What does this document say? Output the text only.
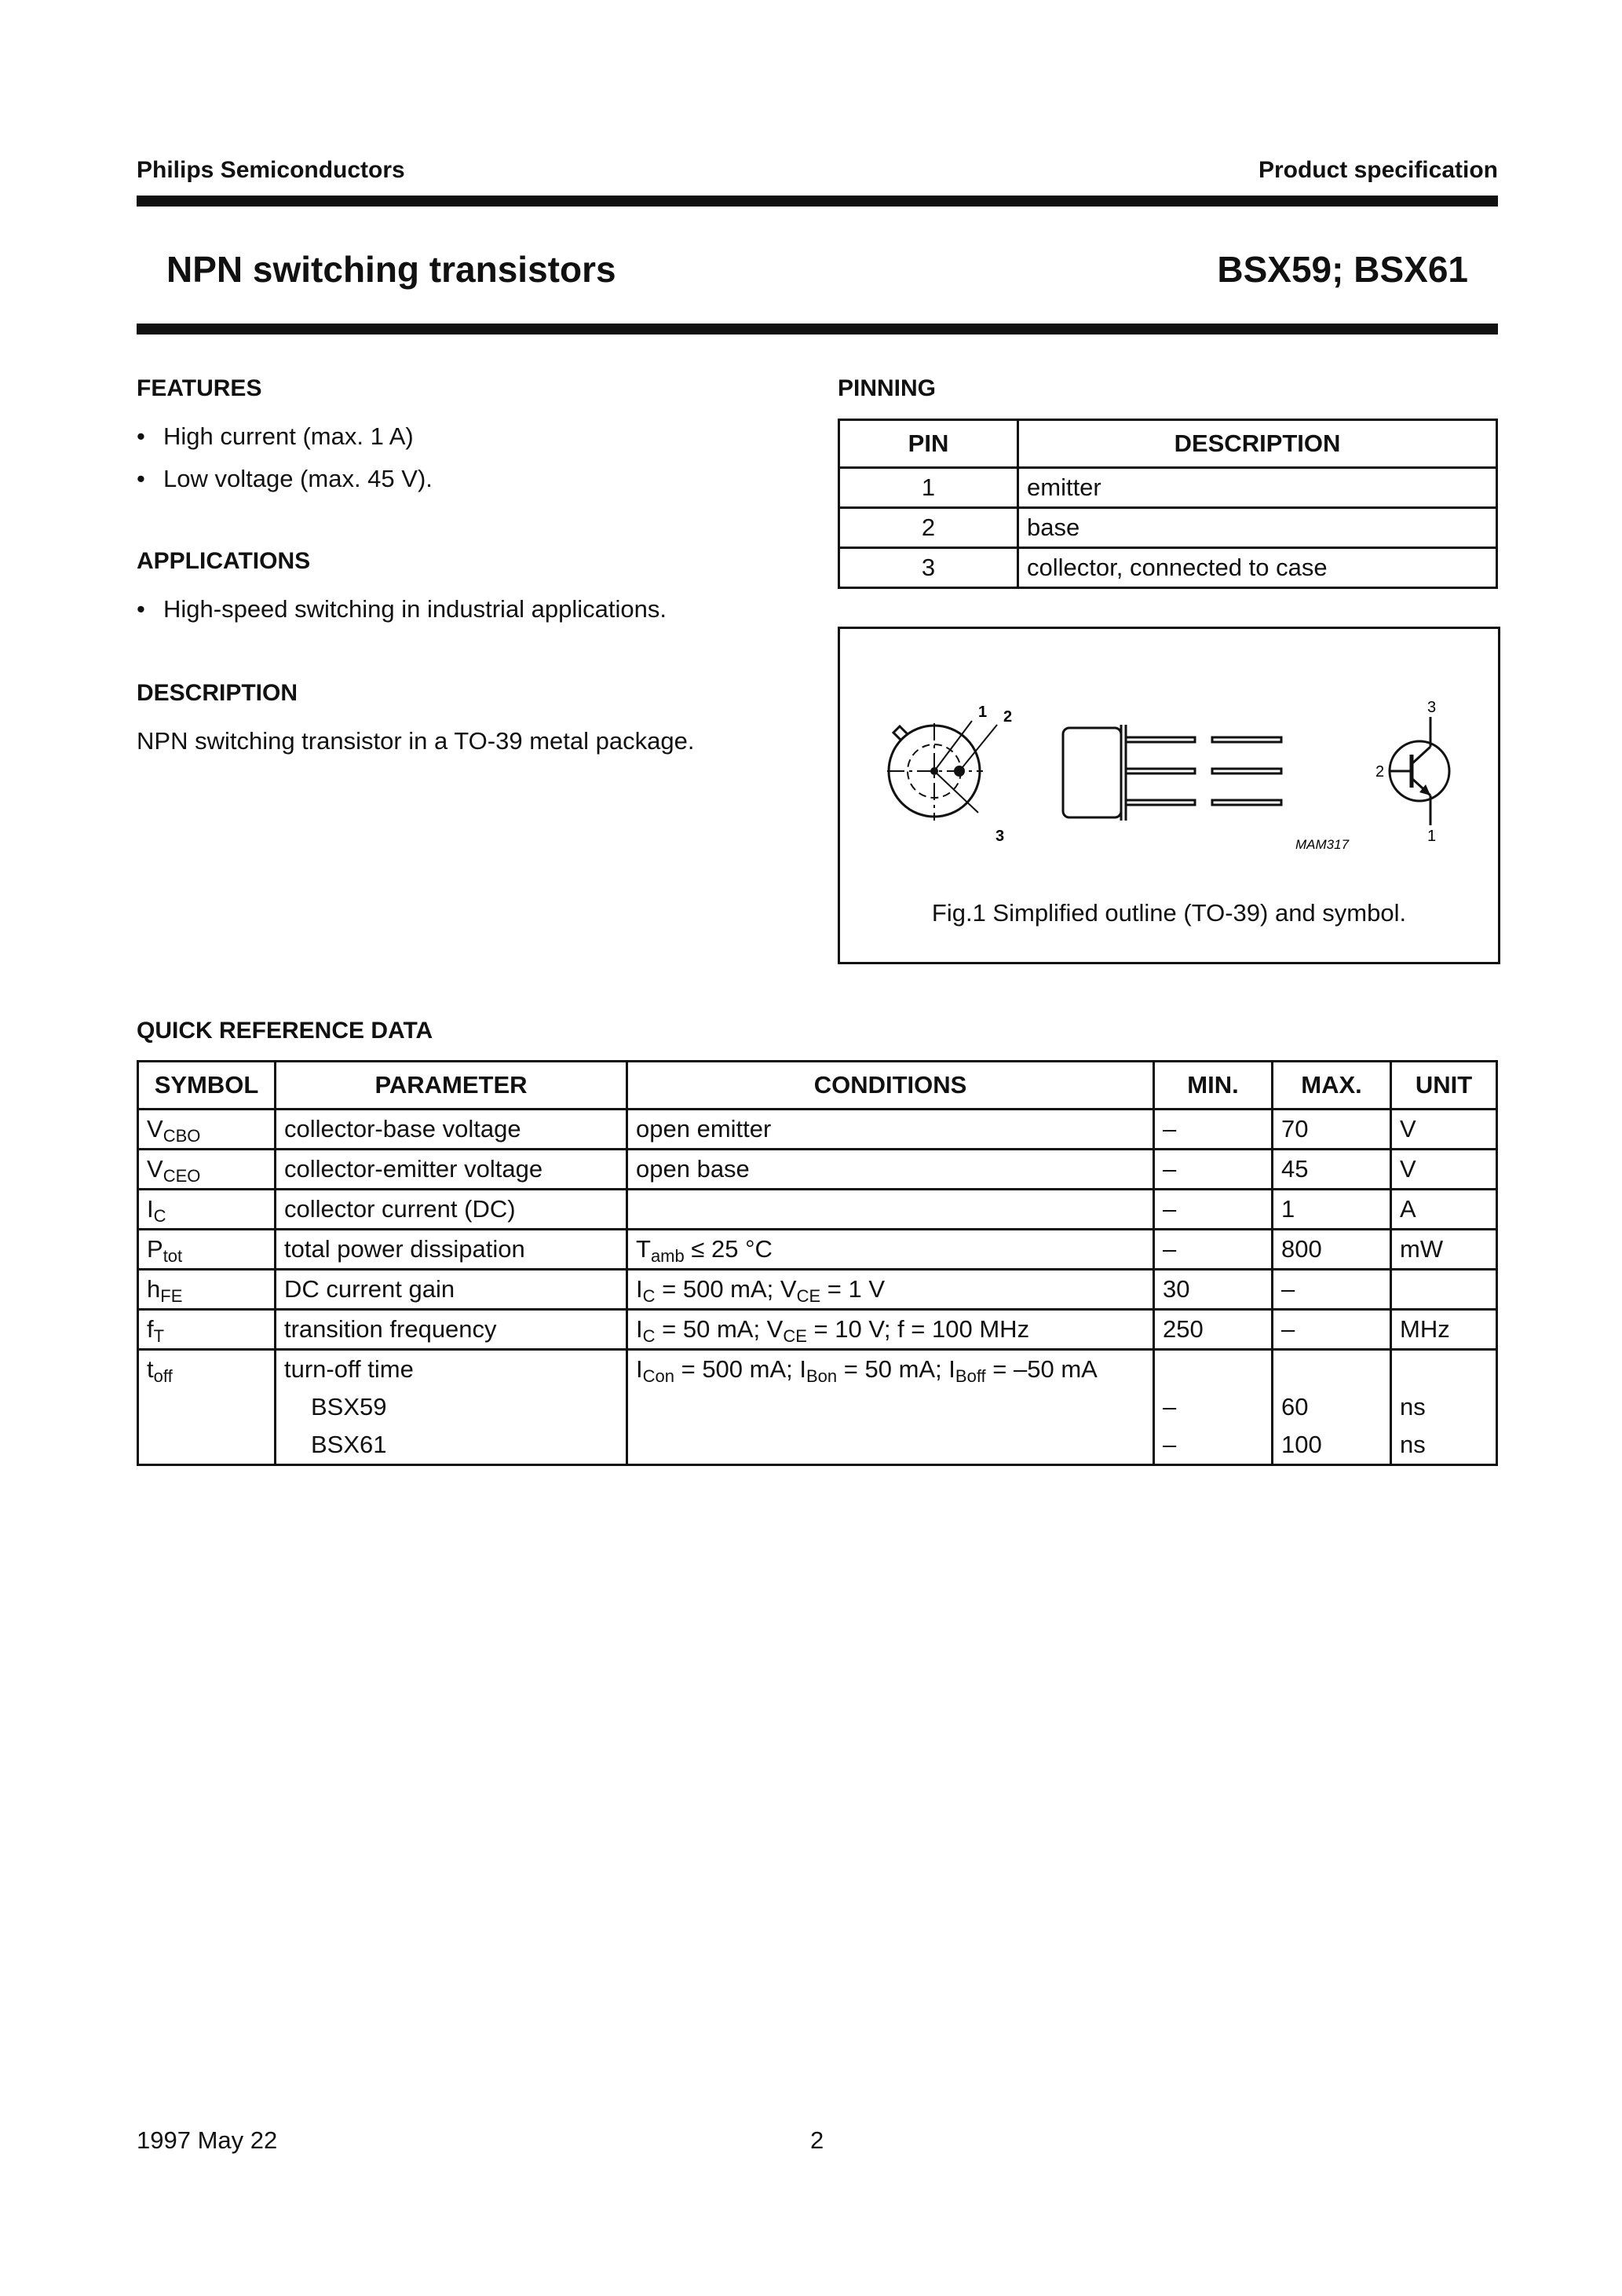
Philips Semiconductors	Product specification
NPN switching transistors	BSX59; BSX61
FEATURES
• High current (max. 1 A)
• Low voltage (max. 45 V).
APPLICATIONS
• High-speed switching in industrial applications.
DESCRIPTION
NPN switching transistor in a TO-39 metal package.
PINNING
PIN	DESCRIPTION
1	emitter
2	base
3	collector, connected to case
1 2
3
3
2
1
MAM317
Fig.1 Simplified outline (TO-39) and symbol.
QUICK REFERENCE DATA
SYMBOL	PARAMETER	CONDITIONS	MIN.	MAX.	UNIT
$V_{CBO}$	collector-base voltage	open emitter	–	70	V
$V_{CEO}$	collector-emitter voltage	open base	–	45	V
$I_C$	collector current (DC)		–	1	A
$P_{tot}$	total power dissipation	$T_{amb} \le 25$ °C	–	800	mW
$h_{FE}$	DC current gain	$I_C = 500$ mA; $V_{CE} = 1$ V	30	–	
$f_T$	transition frequency	$I_C = 50$ mA; $V_{CE} = 10$ V; f = 100 MHz	250	–	MHz
$t_{off}$	turn-off time	$I_{Con} = 500$ mA; $I_{Bon} = 50$ mA; $I_{Boff} = -50$ mA			
	BSX59		–	60	ns
	BSX61		–	100	ns
1997 May 22	2
